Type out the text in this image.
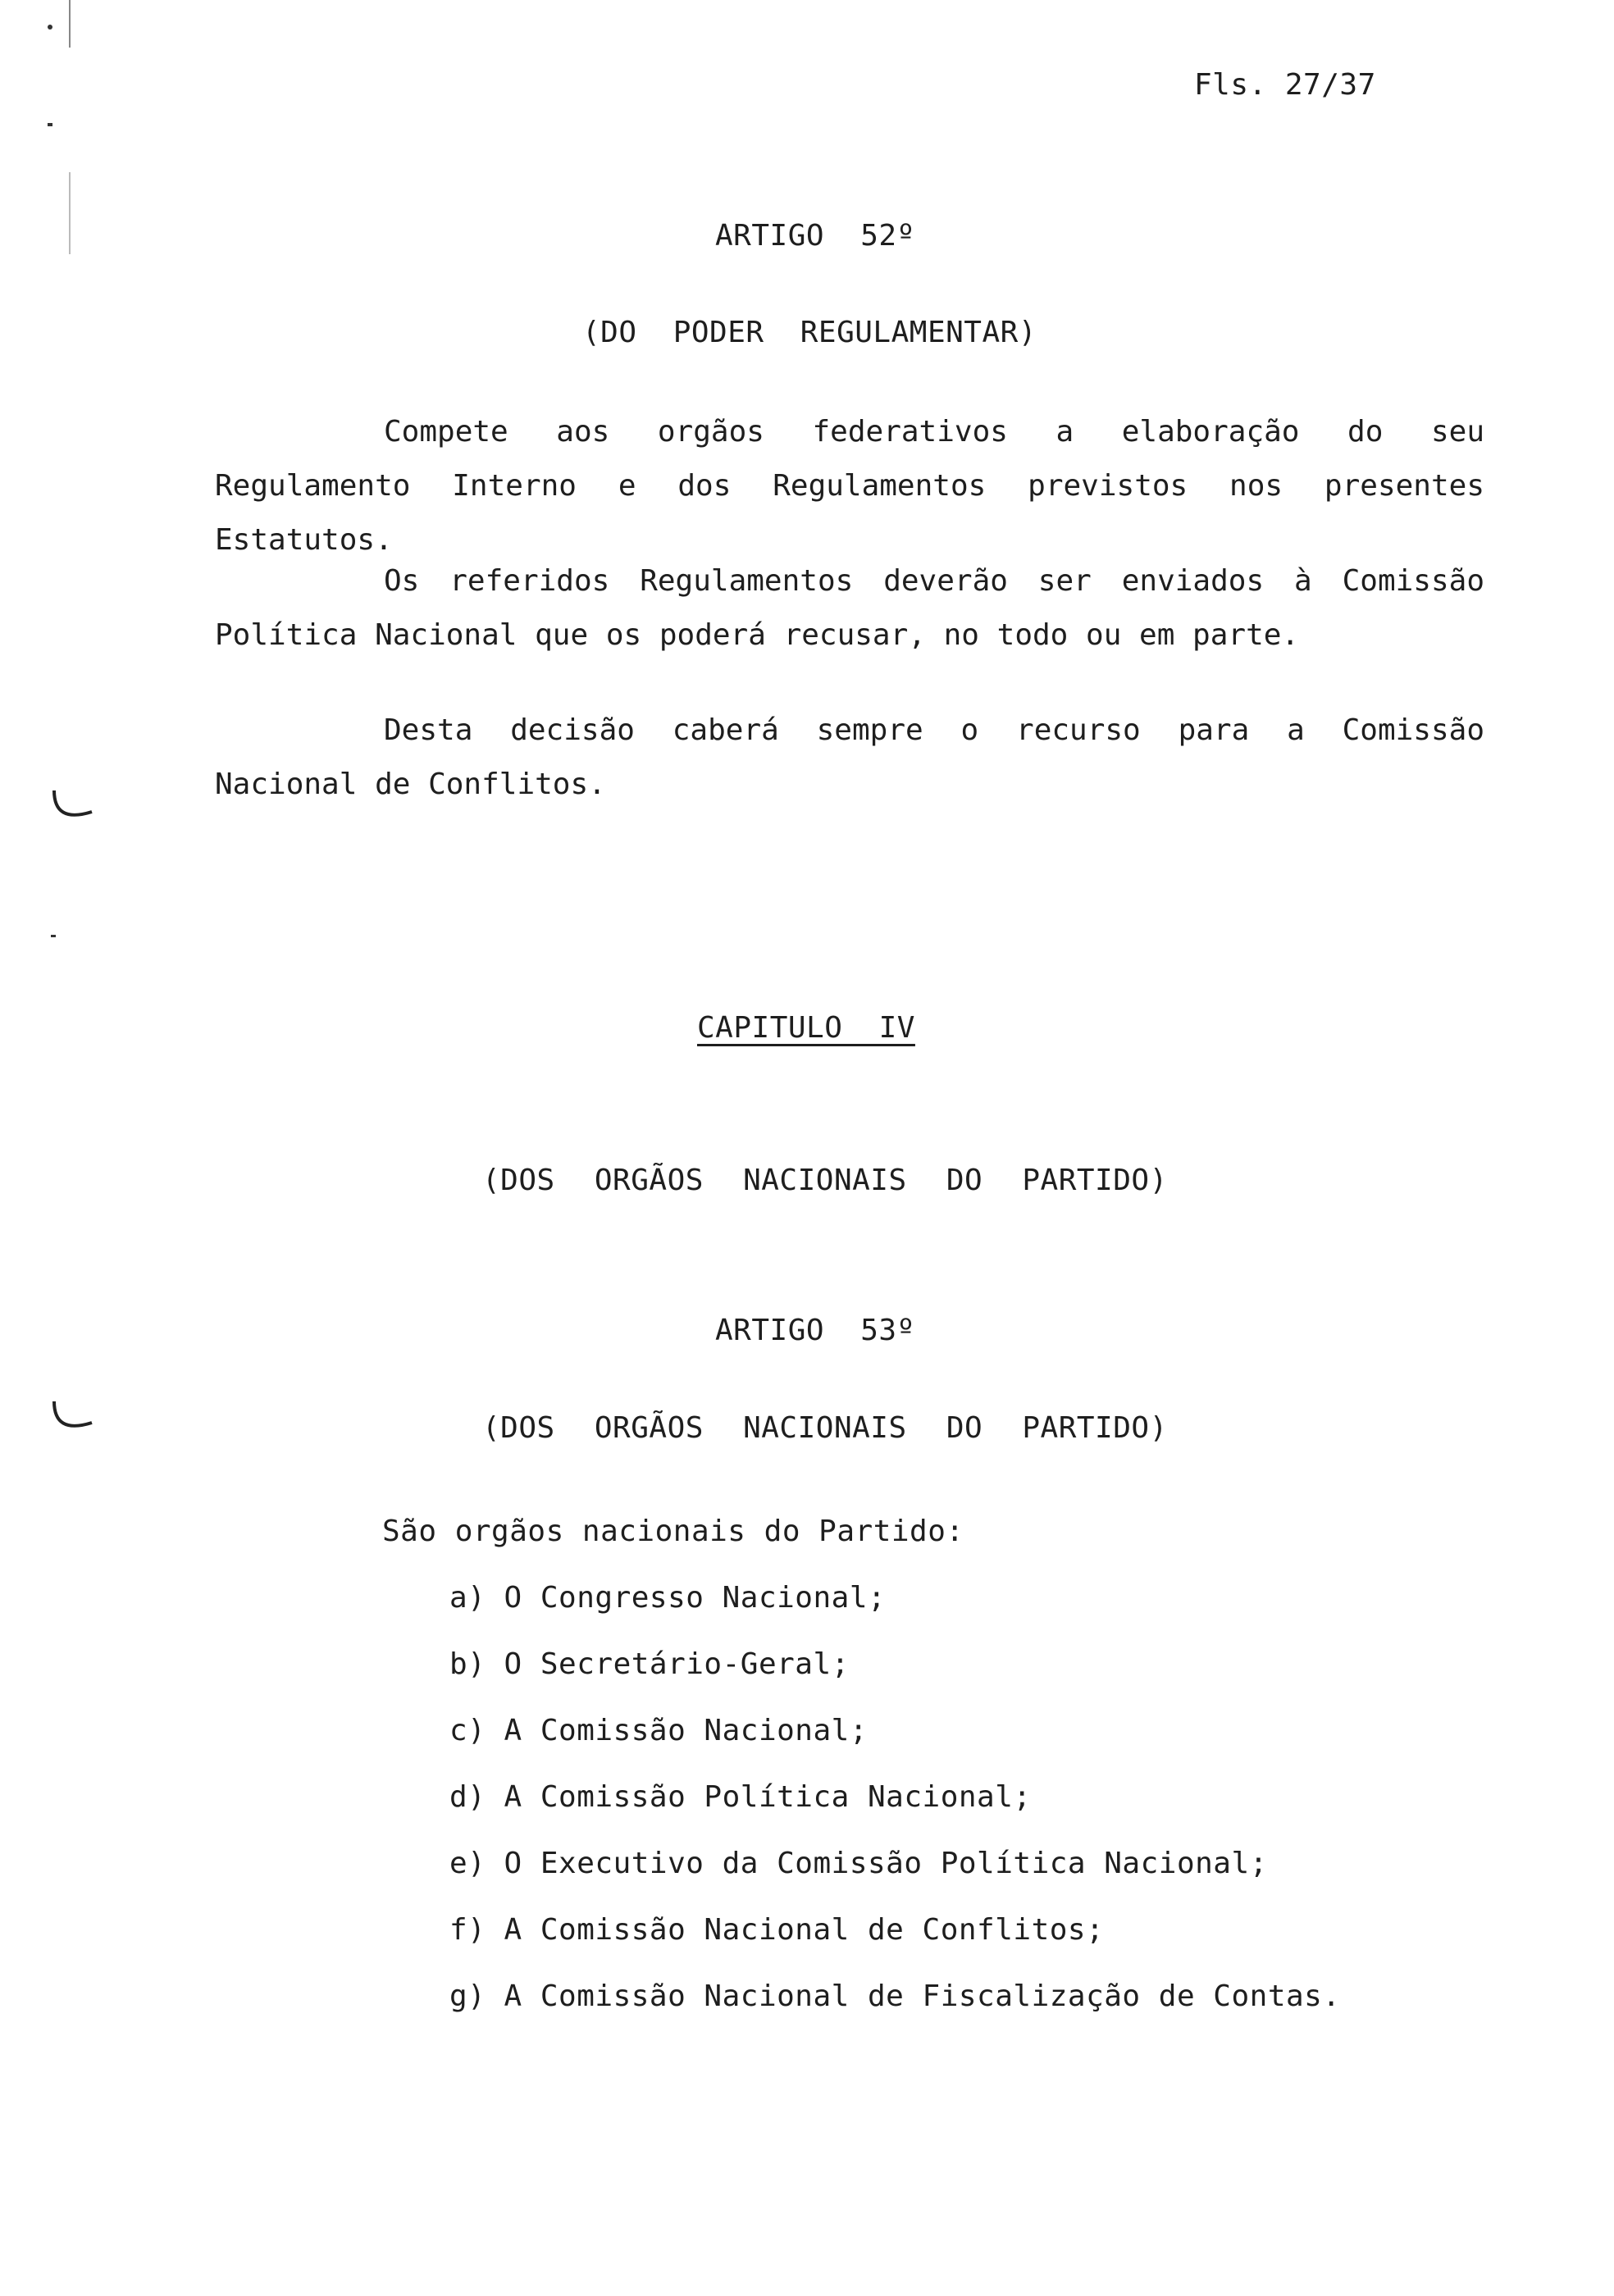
Fls. 27/37
ARTIGO 52º
(DO PODER REGULAMENTAR)
Compete aos orgãos federativos a elaboração do seu Regulamento Interno e dos Regulamentos previstos nos presentes Estatutos.
Os referidos Regulamentos deverão ser enviados à Comissão Política Nacional que os poderá recusar, no todo ou em parte.
Desta decisão caberá sempre o recurso para a Comissão Nacional de Conflitos.
CAPITULO IV
(DOS ORGÃOS NACIONAIS DO PARTIDO)
ARTIGO 53º
(DOS ORGÃOS NACIONAIS DO PARTIDO)
São orgãos nacionais do Partido:
a) O Congresso Nacional;
b) O Secretário-Geral;
c) A Comissão Nacional;
d) A Comissão Política Nacional;
e) O Executivo da Comissão Política Nacional;
f) A Comissão Nacional de Conflitos;
g) A Comissão Nacional de Fiscalização de Contas.
